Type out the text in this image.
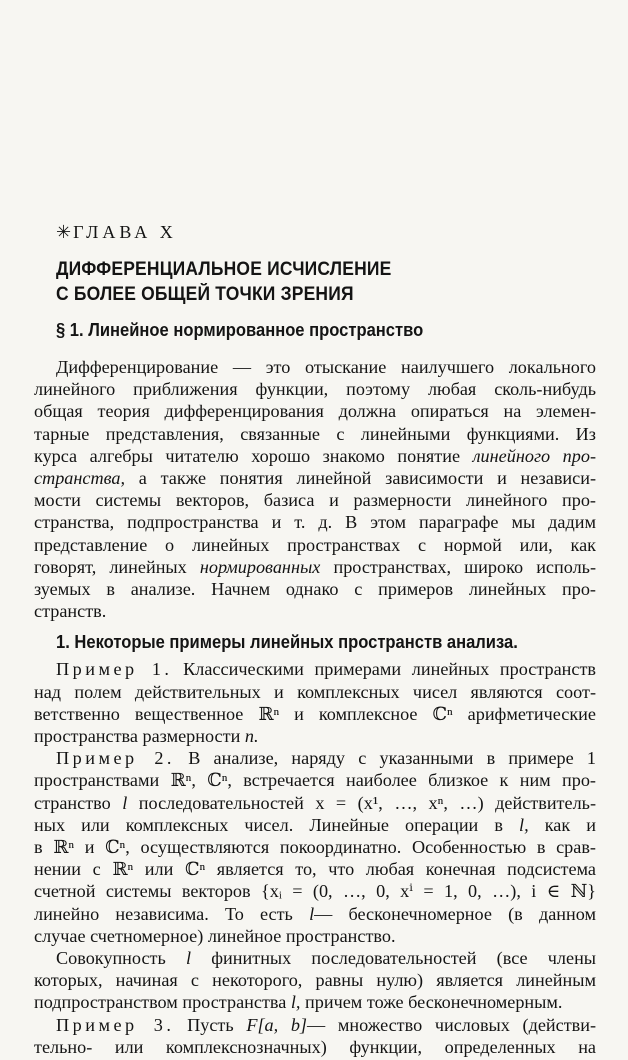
✳ ГЛАВА X
ДИФФЕРЕНЦИАЛЬНОЕ ИСЧИСЛЕНИЕ
С БОЛЕЕ ОБЩЕЙ ТОЧКИ ЗРЕНИЯ
§ 1. Линейное нормированное пространство
Дифференцирование — это отыскание наилучшего локального
линейного приближения функции, поэтому любая сколь-нибудь
общая теория дифференцирования должна опираться на элемен-
тарные представления, связанные с линейными функциями. Из
курса алгебры читателю хорошо знакомо понятие линейного про-
странства, а также понятия линейной зависимости и независи-
мости системы векторов, базиса и размерности линейного про-
странства, подпространства и т. д. В этом параграфе мы дадим
представление о линейных пространствах с нормой или, как
говорят, линейных нормированных пространствах, широко исполь-
зуемых в анализе. Начнем однако с примеров линейных про-
странств.
1. Некоторые примеры линейных пространств анализа.
Пример 1. Классическими примерами линейных пространств
над полем действительных и комплексных чисел являются соот-
ветственно вещественное ℝⁿ и комплексное ℂⁿ арифметические
пространства размерности n.
Пример 2. В анализе, наряду с указанными в примере 1
пространствами ℝⁿ, ℂⁿ, встречается наиболее близкое к ним про-
странство l последовательностей x = (x¹, …, xⁿ, …) действитель-
ных или комплексных чисел. Линейные операции в l, как и
в ℝⁿ и ℂⁿ, осуществляются покоординатно. Особенностью в срав-
нении с ℝⁿ или ℂⁿ является то, что любая конечная подсистема
счетной системы векторов {xᵢ = (0, …, 0, xⁱ = 1, 0, …), i ∈ ℕ}
линейно независима. То есть l— бесконечномерное (в данном
случае счетномерное) линейное пространство.
Совокупность l финитных последовательностей (все члены
которых, начиная с некоторого, равны нулю) является линейным
подпространством пространства l, причем тоже бесконечномерным.
Пример 3. Пусть F[a, b]— множество числовых (действи-
тельно- или комплекснозначных) функции, определенных на
